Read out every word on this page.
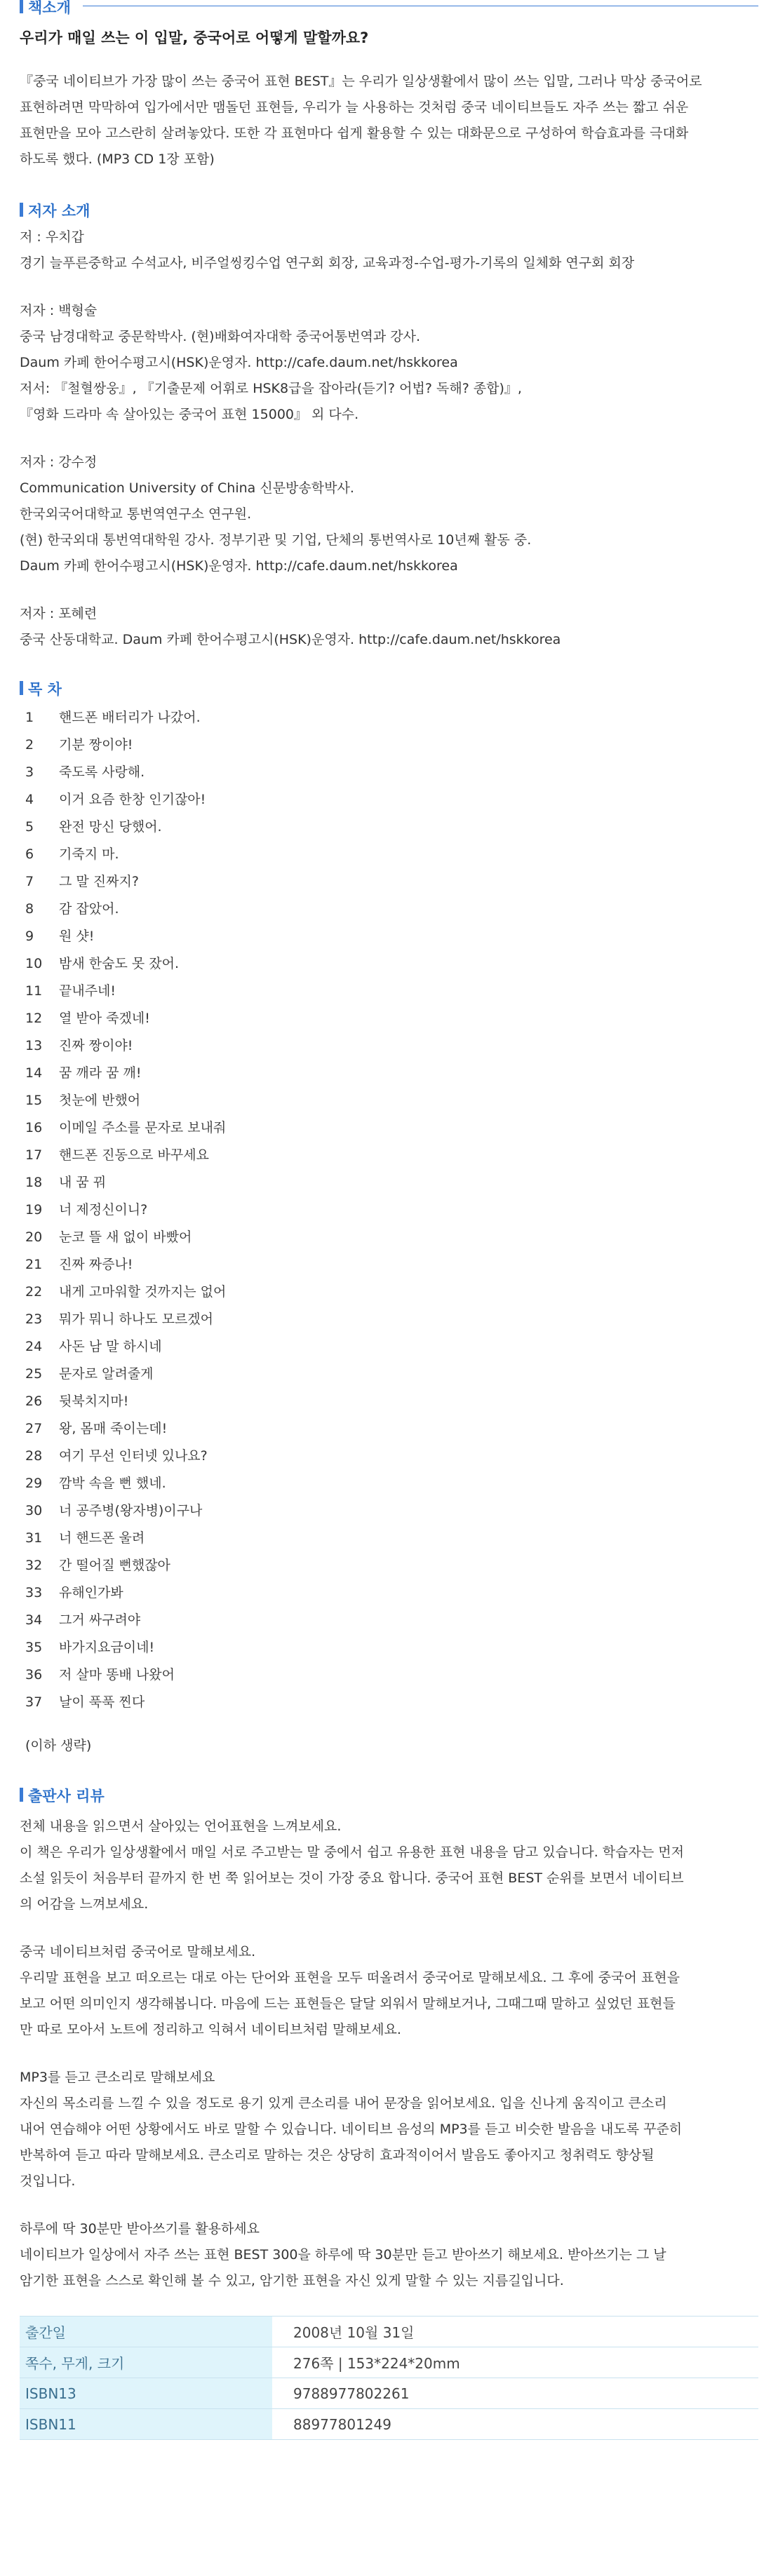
책소개
우리가 매일 쓰는 이 입말, 중국어로 어떻게 말할까요?
『중국 네이티브가 가장 많이 쓰는 중국어 표현 BEST』는 우리가 일상생활에서 많이 쓰는 입말, 그러나 막상 중국어로
표현하려면 막막하여 입가에서만 맴돌던 표현들, 우리가 늘 사용하는 것처럼 중국 네이티브들도 자주 쓰는 짧고 쉬운
표현만을 모아 고스란히 살려놓았다. 또한 각 표현마다 쉽게 활용할 수 있는 대화문으로 구성하여 학습효과를 극대화
하도록 했다. (MP3 CD 1장 포함)
저자 소개
저 : 우치갑
경기 늘푸른중학교 수석교사, 비주얼씽킹수업 연구회 회장, 교육과정-수업-평가-기록의 일체화 연구회 회장
저자 : 백형술
중국 남경대학교 중문학박사. (현)배화여자대학 중국어통번역과 강사.
Daum 카페 한어수평고시(HSK)운영자. http://cafe.daum.net/hskkorea
저서: 『철혈쌍웅』, 『기출문제 어휘로 HSK8급을 잡아라(듣기? 어법? 독해? 종합)』,
『영화 드라마 속 살아있는 중국어 표현 15000』 외 다수.
저자 : 강수정
Communication University of China 신문방송학박사.
한국외국어대학교 통번역연구소 연구원.
(현) 한국외대 통번역대학원 강사. 정부기관 및 기업, 단체의 통번역사로 10년째 활동 중.
Daum 카페 한어수평고시(HSK)운영자. http://cafe.daum.net/hskkorea
저자 : 포혜련
중국 산동대학교. Daum 카페 한어수평고시(HSK)운영자. http://cafe.daum.net/hskkorea
목 차
1	핸드폰 배터리가 나갔어.
2	기분 짱이야!
3	죽도록 사랑해.
4	이거 요즘 한창 인기잖아!
5	완전 망신 당했어.
6	기죽지 마.
7	그 말 진짜지?
8	감 잡았어.
9	원 샷!
10	밤새 한숨도 못 잤어.
11	끝내주네!
12	열 받아 죽겠네!
13	진짜 짱이야!
14	꿈 깨라 꿈 깨!
15	첫눈에 반했어
16	이메일 주소를 문자로 보내줘
17	핸드폰 진동으로 바꾸세요
18	내 꿈 꿔
19	너 제정신이니?
20	눈코 뜰 새 없이 바빴어
21	진짜 짜증나!
22	내게 고마워할 것까지는 없어
23	뭐가 뭐니 하나도 모르겠어
24	사돈 남 말 하시네
25	문자로 알려줄게
26	뒷북치지마!
27	왕, 몸매 죽이는데!
28	여기 무선 인터넷 있나요?
29	깜박 속을 뻔 했네.
30	너 공주병(왕자병)이구나
31	너 핸드폰 울려
32	간 떨어질 뻔했잖아
33	유해인가봐
34	그거 싸구려야
35	바가지요금이네!
36	저 살마 똥배 나왔어
37	날이 푹푹 찐다
(이하 생략)
출판사 리뷰
전체 내용을 읽으면서 살아있는 언어표현을 느껴보세요.
이 책은 우리가 일상생활에서 매일 서로 주고받는 말 중에서 쉽고 유용한 표현 내용을 담고 있습니다. 학습자는 먼저
소설 읽듯이 처음부터 끝까지 한 번 쭉 읽어보는 것이 가장 중요 합니다. 중국어 표현 BEST 순위를 보면서 네이티브
의 어감을 느껴보세요.
중국 네이티브처럼 중국어로 말해보세요.
우리말 표현을 보고 떠오르는 대로 아는 단어와 표현을 모두 떠올려서 중국어로 말해보세요. 그 후에 중국어 표현을
보고 어떤 의미인지 생각해봅니다. 마음에 드는 표현들은 달달 외워서 말해보거나, 그때그때 말하고 싶었던 표현들
만 따로 모아서 노트에 정리하고 익혀서 네이티브처럼 말해보세요.
MP3를 듣고 큰소리로 말해보세요
자신의 목소리를 느낄 수 있을 정도로 용기 있게 큰소리를 내어 문장을 읽어보세요. 입을 신나게 움직이고 큰소리
내어 연습해야 어떤 상황에서도 바로 말할 수 있습니다. 네이티브 음성의 MP3를 듣고 비슷한 발음을 내도록 꾸준히
반복하여 듣고 따라 말해보세요. 큰소리로 말하는 것은 상당히 효과적이어서 발음도 좋아지고 청취력도 향상될
것입니다.
하루에 딱 30분만 받아쓰기를 활용하세요
네이티브가 일상에서 자주 쓰는 표현 BEST 300을 하루에 딱 30분만 듣고 받아쓰기 해보세요. 받아쓰기는 그 날
암기한 표현을 스스로 확인해 볼 수 있고, 암기한 표현을 자신 있게 말할 수 있는 지름길입니다.
출간일	2008년 10월 31일
쪽수, 무게, 크기	276쪽 | 153*224*20mm
ISBN13	9788977802261
ISBN11	88977801249
